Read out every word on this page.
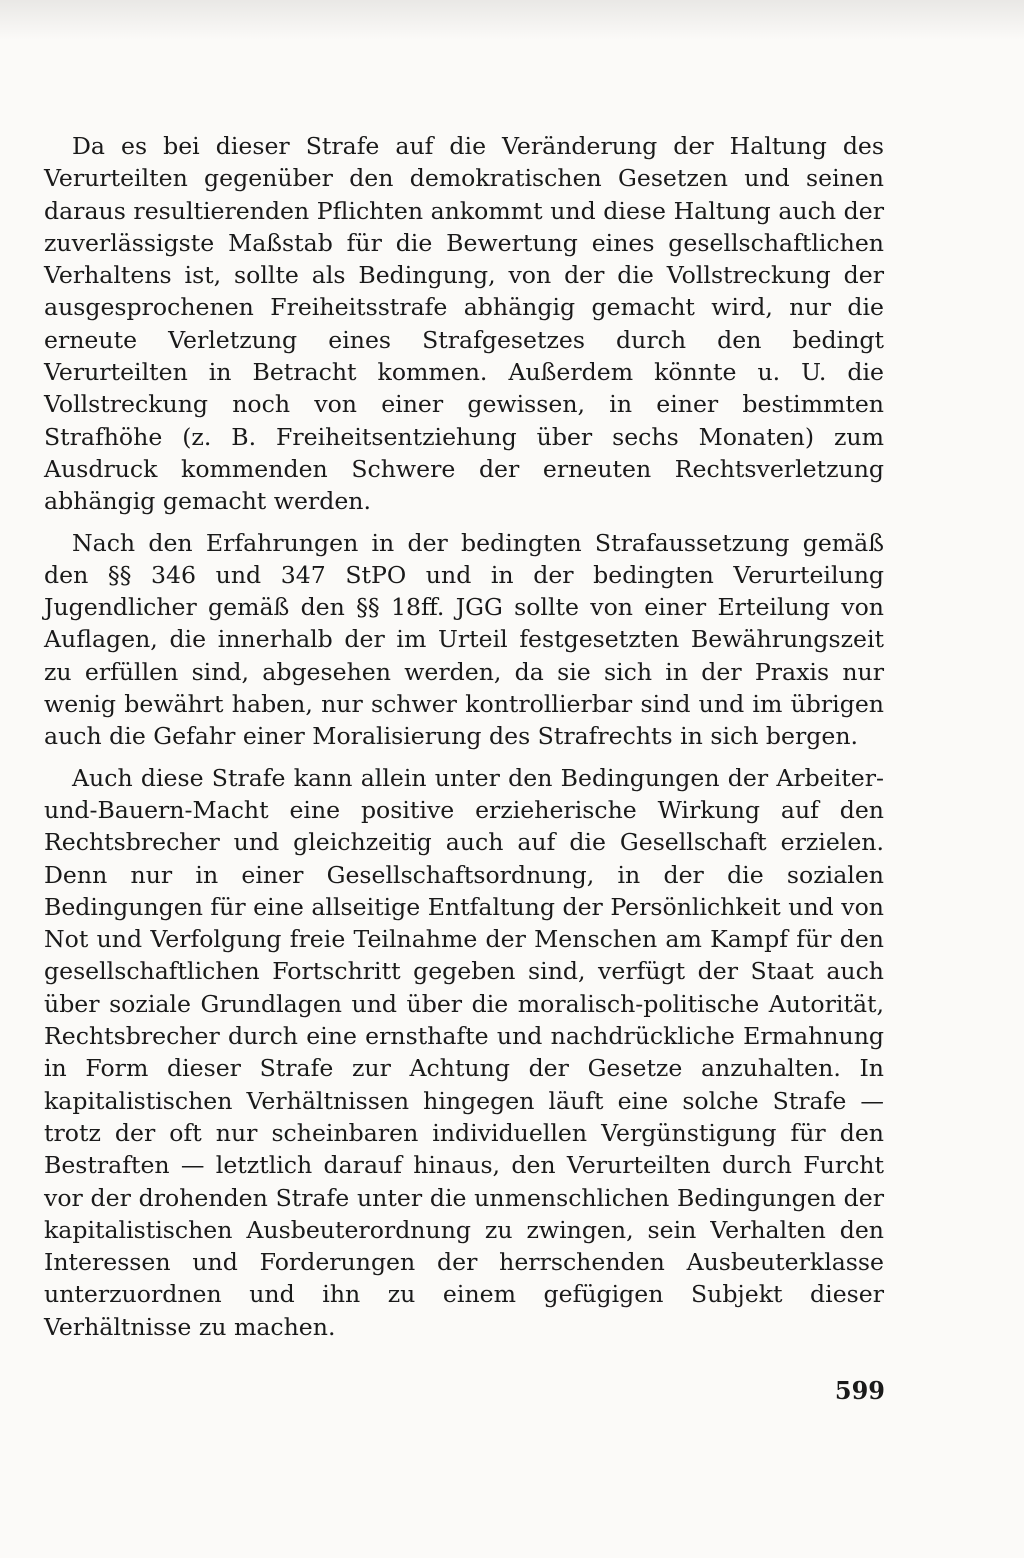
Da es bei dieser Strafe auf die Veränderung der Haltung des Verurteilten gegenüber den demokratischen Gesetzen und seinen daraus resultierenden Pflichten ankommt und diese Haltung auch der zuverlässigste Maßstab für die Bewertung eines gesellschaftlichen Verhaltens ist, sollte als Bedingung, von der die Vollstreckung der ausgesprochenen Freiheitsstrafe abhängig gemacht wird, nur die erneute Verletzung eines Strafgesetzes durch den bedingt Verurteilten in Betracht kommen. Außerdem könnte u. U. die Vollstreckung noch von einer gewissen, in einer bestimmten Strafhöhe (z. B. Freiheitsentziehung über sechs Monaten) zum Ausdruck kommenden Schwere der erneuten Rechtsverletzung abhängig gemacht werden.

Nach den Erfahrungen in der bedingten Strafaussetzung gemäß den §§ 346 und 347 StPO und in der bedingten Verurteilung Jugendlicher gemäß den §§ 18ff. JGG sollte von einer Erteilung von Auflagen, die innerhalb der im Urteil festgesetzten Bewährungszeit zu erfüllen sind, abgesehen werden, da sie sich in der Praxis nur wenig bewährt haben, nur schwer kontrollierbar sind und im übrigen auch die Gefahr einer Moralisierung des Strafrechts in sich bergen.

Auch diese Strafe kann allein unter den Bedingungen der Arbeiter-und-Bauern-Macht eine positive erzieherische Wirkung auf den Rechtsbrecher und gleichzeitig auch auf die Gesellschaft erzielen. Denn nur in einer Gesellschaftsordnung, in der die sozialen Bedingungen für eine allseitige Entfaltung der Persönlichkeit und von Not und Verfolgung freie Teilnahme der Menschen am Kampf für den gesellschaftlichen Fortschritt gegeben sind, verfügt der Staat auch über soziale Grundlagen und über die moralisch-politische Autorität, Rechtsbrecher durch eine ernsthafte und nachdrückliche Ermahnung in Form dieser Strafe zur Achtung der Gesetze anzuhalten. In kapitalistischen Verhältnissen hingegen läuft eine solche Strafe — trotz der oft nur scheinbaren individuellen Vergünstigung für den Bestraften — letztlich darauf hinaus, den Verurteilten durch Furcht vor der drohenden Strafe unter die unmenschlichen Bedingungen der kapitalistischen Ausbeuterordnung zu zwingen, sein Verhalten den Interessen und Forderungen der herrschenden Ausbeuterklasse unterzuordnen und ihn zu einem gefügigen Subjekt dieser Verhältnisse zu machen.

599
